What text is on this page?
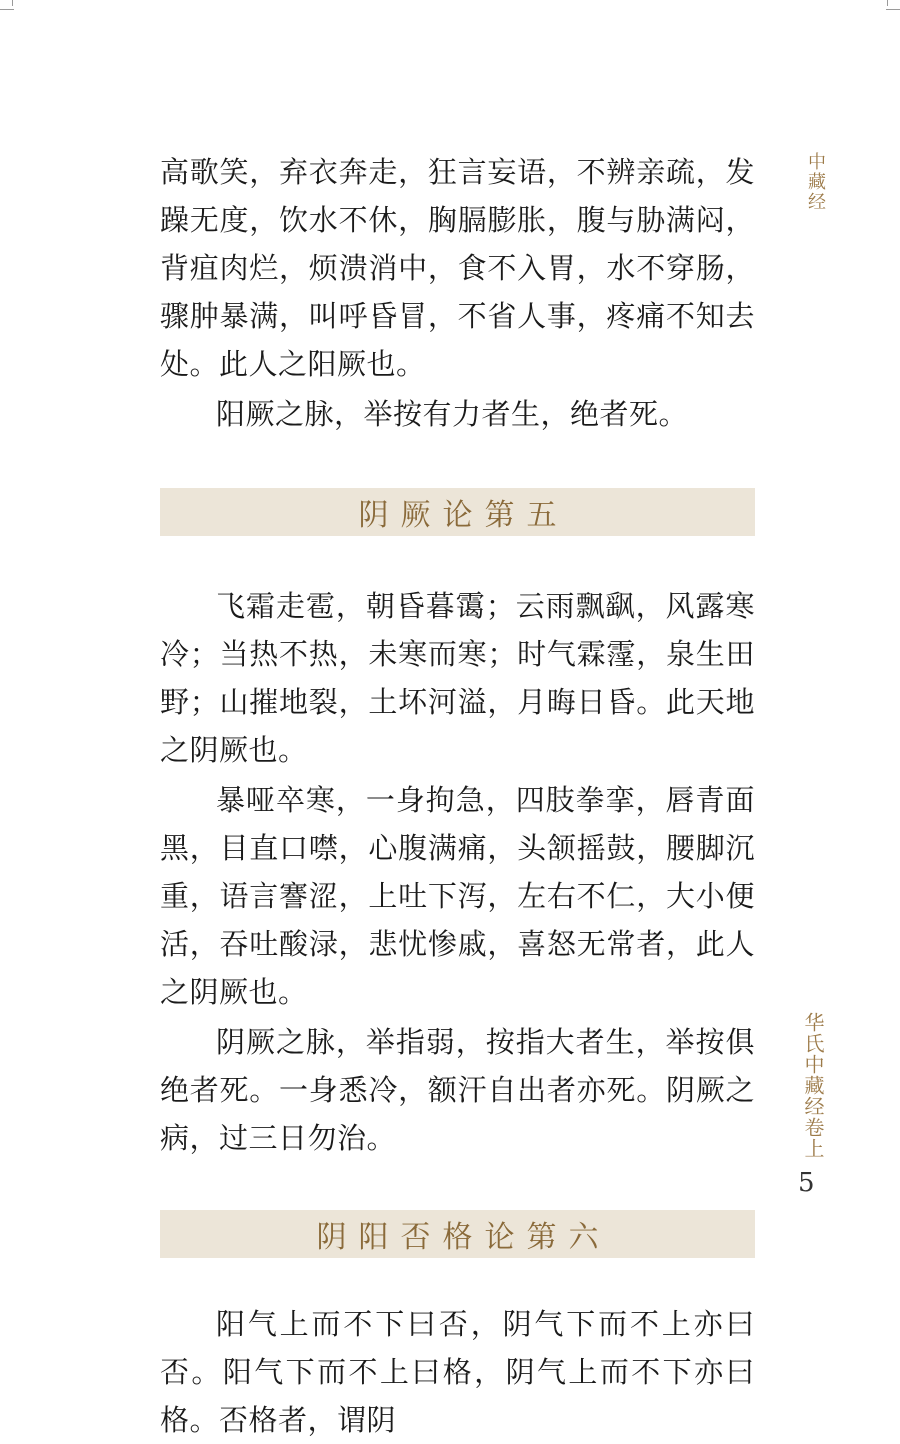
高歌笑，弃衣奔走，狂言妄语，不辨亲疏，发躁无度，饮水不休，胸膈膨胀，腹与胁满闷，背疽肉烂，烦溃消中，食不入胃，水不穿肠，骤肿暴满，叫呼昏冒，不省人事，疼痛不知去处。此人之阳厥也。

阳厥之脉，举按有力者生，绝者死。

阴厥论第五

飞霜走雹，朝昏暮霭；云雨飘飖，风露寒冷；当热不热，未寒而寒；时气霖霪，泉生田野；山摧地裂，土坏河溢，月晦日昏。此天地之阴厥也。

暴哑卒寒，一身拘急，四肢拳挛，唇青面黑，目直口噤，心腹满痛，头颔摇鼓，腰脚沉重，语言謇涩，上吐下泻，左右不仁，大小便活，吞吐酸渌，悲忧惨戚，喜怒无常者，此人之阴厥也。

阴厥之脉，举指弱，按指大者生，举按俱绝者死。一身悉冷，额汗自出者亦死。阴厥之病，过三日勿治。

阴阳否格论第六

阳气上而不下曰否，阴气下而不上亦曰否。阳气下而不上曰格，阴气上而不下亦曰格。否格者，谓阴

中藏经
华氏中藏经卷上
5
